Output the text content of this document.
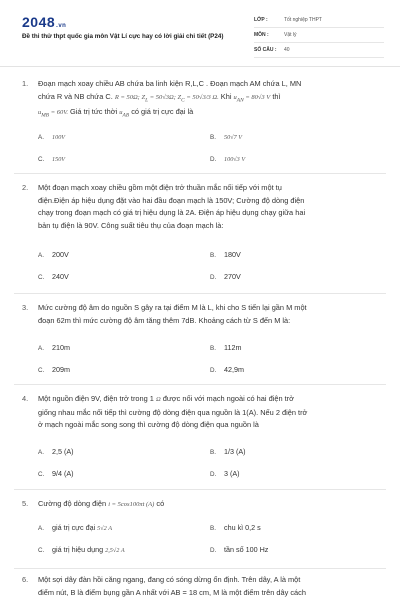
2048.vn
Đề thi thử thpt quốc gia môn Vật Lí cực hay có lời giải chi tiết (P24)
LỚP :	Tốt nghiệp THPT
MÔN :	Vật lý
SỐ CÂU :	40
1. Đoạn mạch xoay chiều AB chứa ba linh kiện R,L,C . Đoạn mạch AM chứa L, MN
chứa R và NB chứa C. R = 50Ω; $Z_L = 50√3\Omega$; $Z_C = 50√3/3$ Ω. Khi $u_{AN} = 80√3$ V thì
$u_{MB} = 60V$. Giá trị tức thời $u_{AB}$ có giá trị cực đại là
A. 100V	B. 50√7 V
C. 150V	D. 100√3 V
2. Một đoạn mạch xoay chiều gồm một điện trở thuần mắc nối tiếp với một tụ
điện.Điện áp hiệu dụng đặt vào hai đầu đoạn mạch là 150V; Cường độ dòng điện
chạy trong đoạn mạch có giá trị hiệu dụng là 2A. Điện áp hiệu dụng chạy giữa hai
bản tụ điện là 90V. Công suất tiêu thụ của đoạn mạch là:
A. 200V	B. 180V
C. 240V	D. 270V
3. Mức cường độ âm do nguồn S gây ra tại điểm M là L, khi cho S tiến lại gần M một
đoạn 62m thì mức cường độ âm tăng thêm 7dB. Khoảng cách từ S đến M là:
A. 210m	B. 112m
C. 209m	D. 42,9m
4. Một nguồn điện 9V, điện trở trong 1 Ω được nối với mạch ngoài có hai điện trở
giống nhau mắc nối tiếp thì cường độ dòng điện qua nguồn là 1(A). Nếu 2 điện trở
ở mạch ngoài mắc song song thì cường độ dòng điện qua nguồn là
A. 2,5 (A)	B. 1/3 (A)
C. 9/4 (A)	D. 3 (A)
5. Cường độ dòng điện i = 5cos100πt (A) có
A. giá trị cực đại 5√2 A	B. chu kì 0,2 s
C. giá trị hiệu dụng 2,5√2 A	D. tần số 100 Hz
6. Một sợi dây đàn hồi căng ngang, đang có sóng dừng ổn định. Trên dây, A là một
điểm nút, B là điểm bụng gần A nhất với AB = 18 cm, M là một điểm trên dây cách
